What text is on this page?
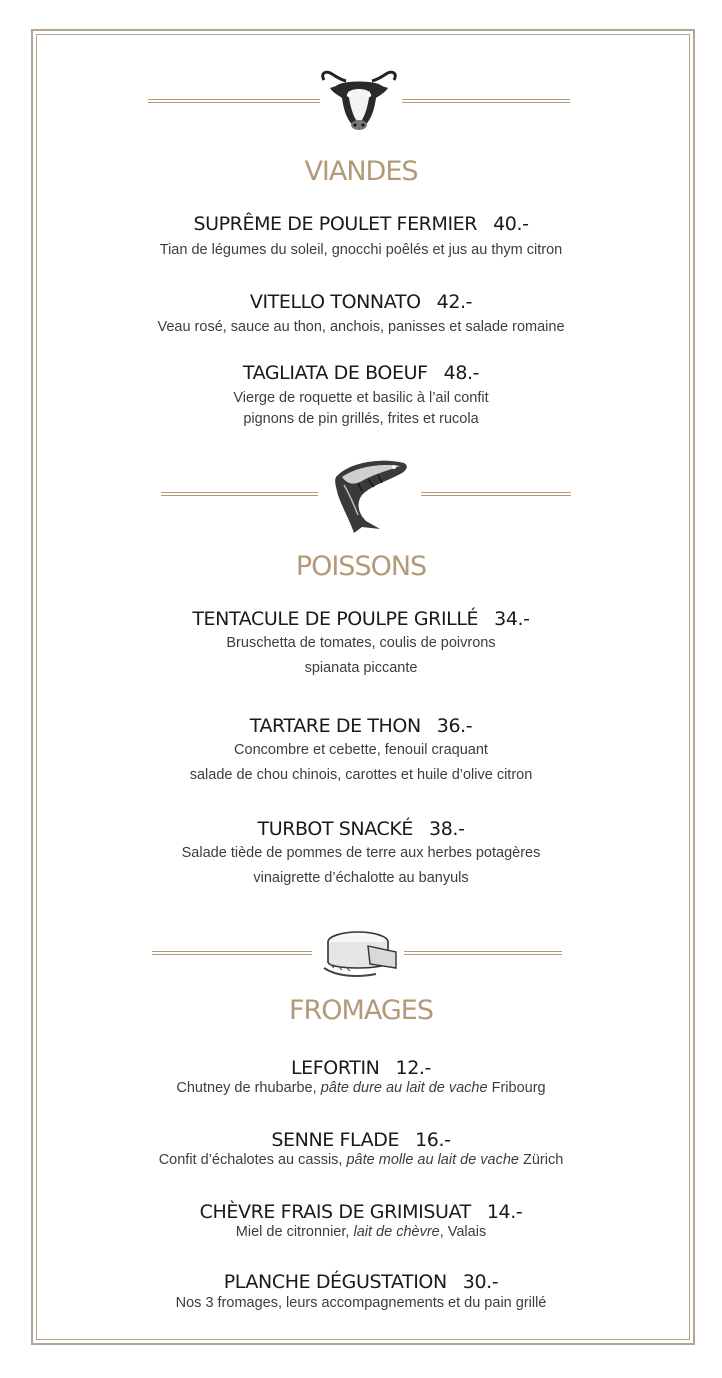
VIANDES
SUPRÊME DE POULET FERMIER 40.-
Tian de légumes du soleil, gnocchi poêlés et jus au thym citron
VITELLO TONNATO 42.-
Veau rosé, sauce au thon, anchois, panisses et salade romaine
TAGLIATA DE BOEUF 48.-
Vierge de roquette et basilic à l’ail confit
pignons de pin grillés, frites et rucola
POISSONS
TENTACULE DE POULPE GRILLÉ 34.-
Bruschetta de tomates, coulis de poivrons
spianata piccante
TARTARE DE THON 36.-
Concombre et cebette, fenouil craquant
salade de chou chinois, carottes et huile d’olive citron
TURBOT SNACKÉ 38.-
Salade tiède de pommes de terre aux herbes potagères
vinaigrette d’échalotte au banyuls
FROMAGES
LEFORTIN 12.-
Chutney de rhubarbe, pâte dure au lait de vache Fribourg
SENNE FLADE 16.-
Confit d’échalotes au cassis, pâte molle au lait de vache Zürich
CHÈVRE FRAIS DE GRIMISUAT 14.-
Miel de citronnier, lait de chèvre, Valais
PLANCHE DÉGUSTATION 30.-
Nos 3 fromages, leurs accompagnements et du pain grillé
